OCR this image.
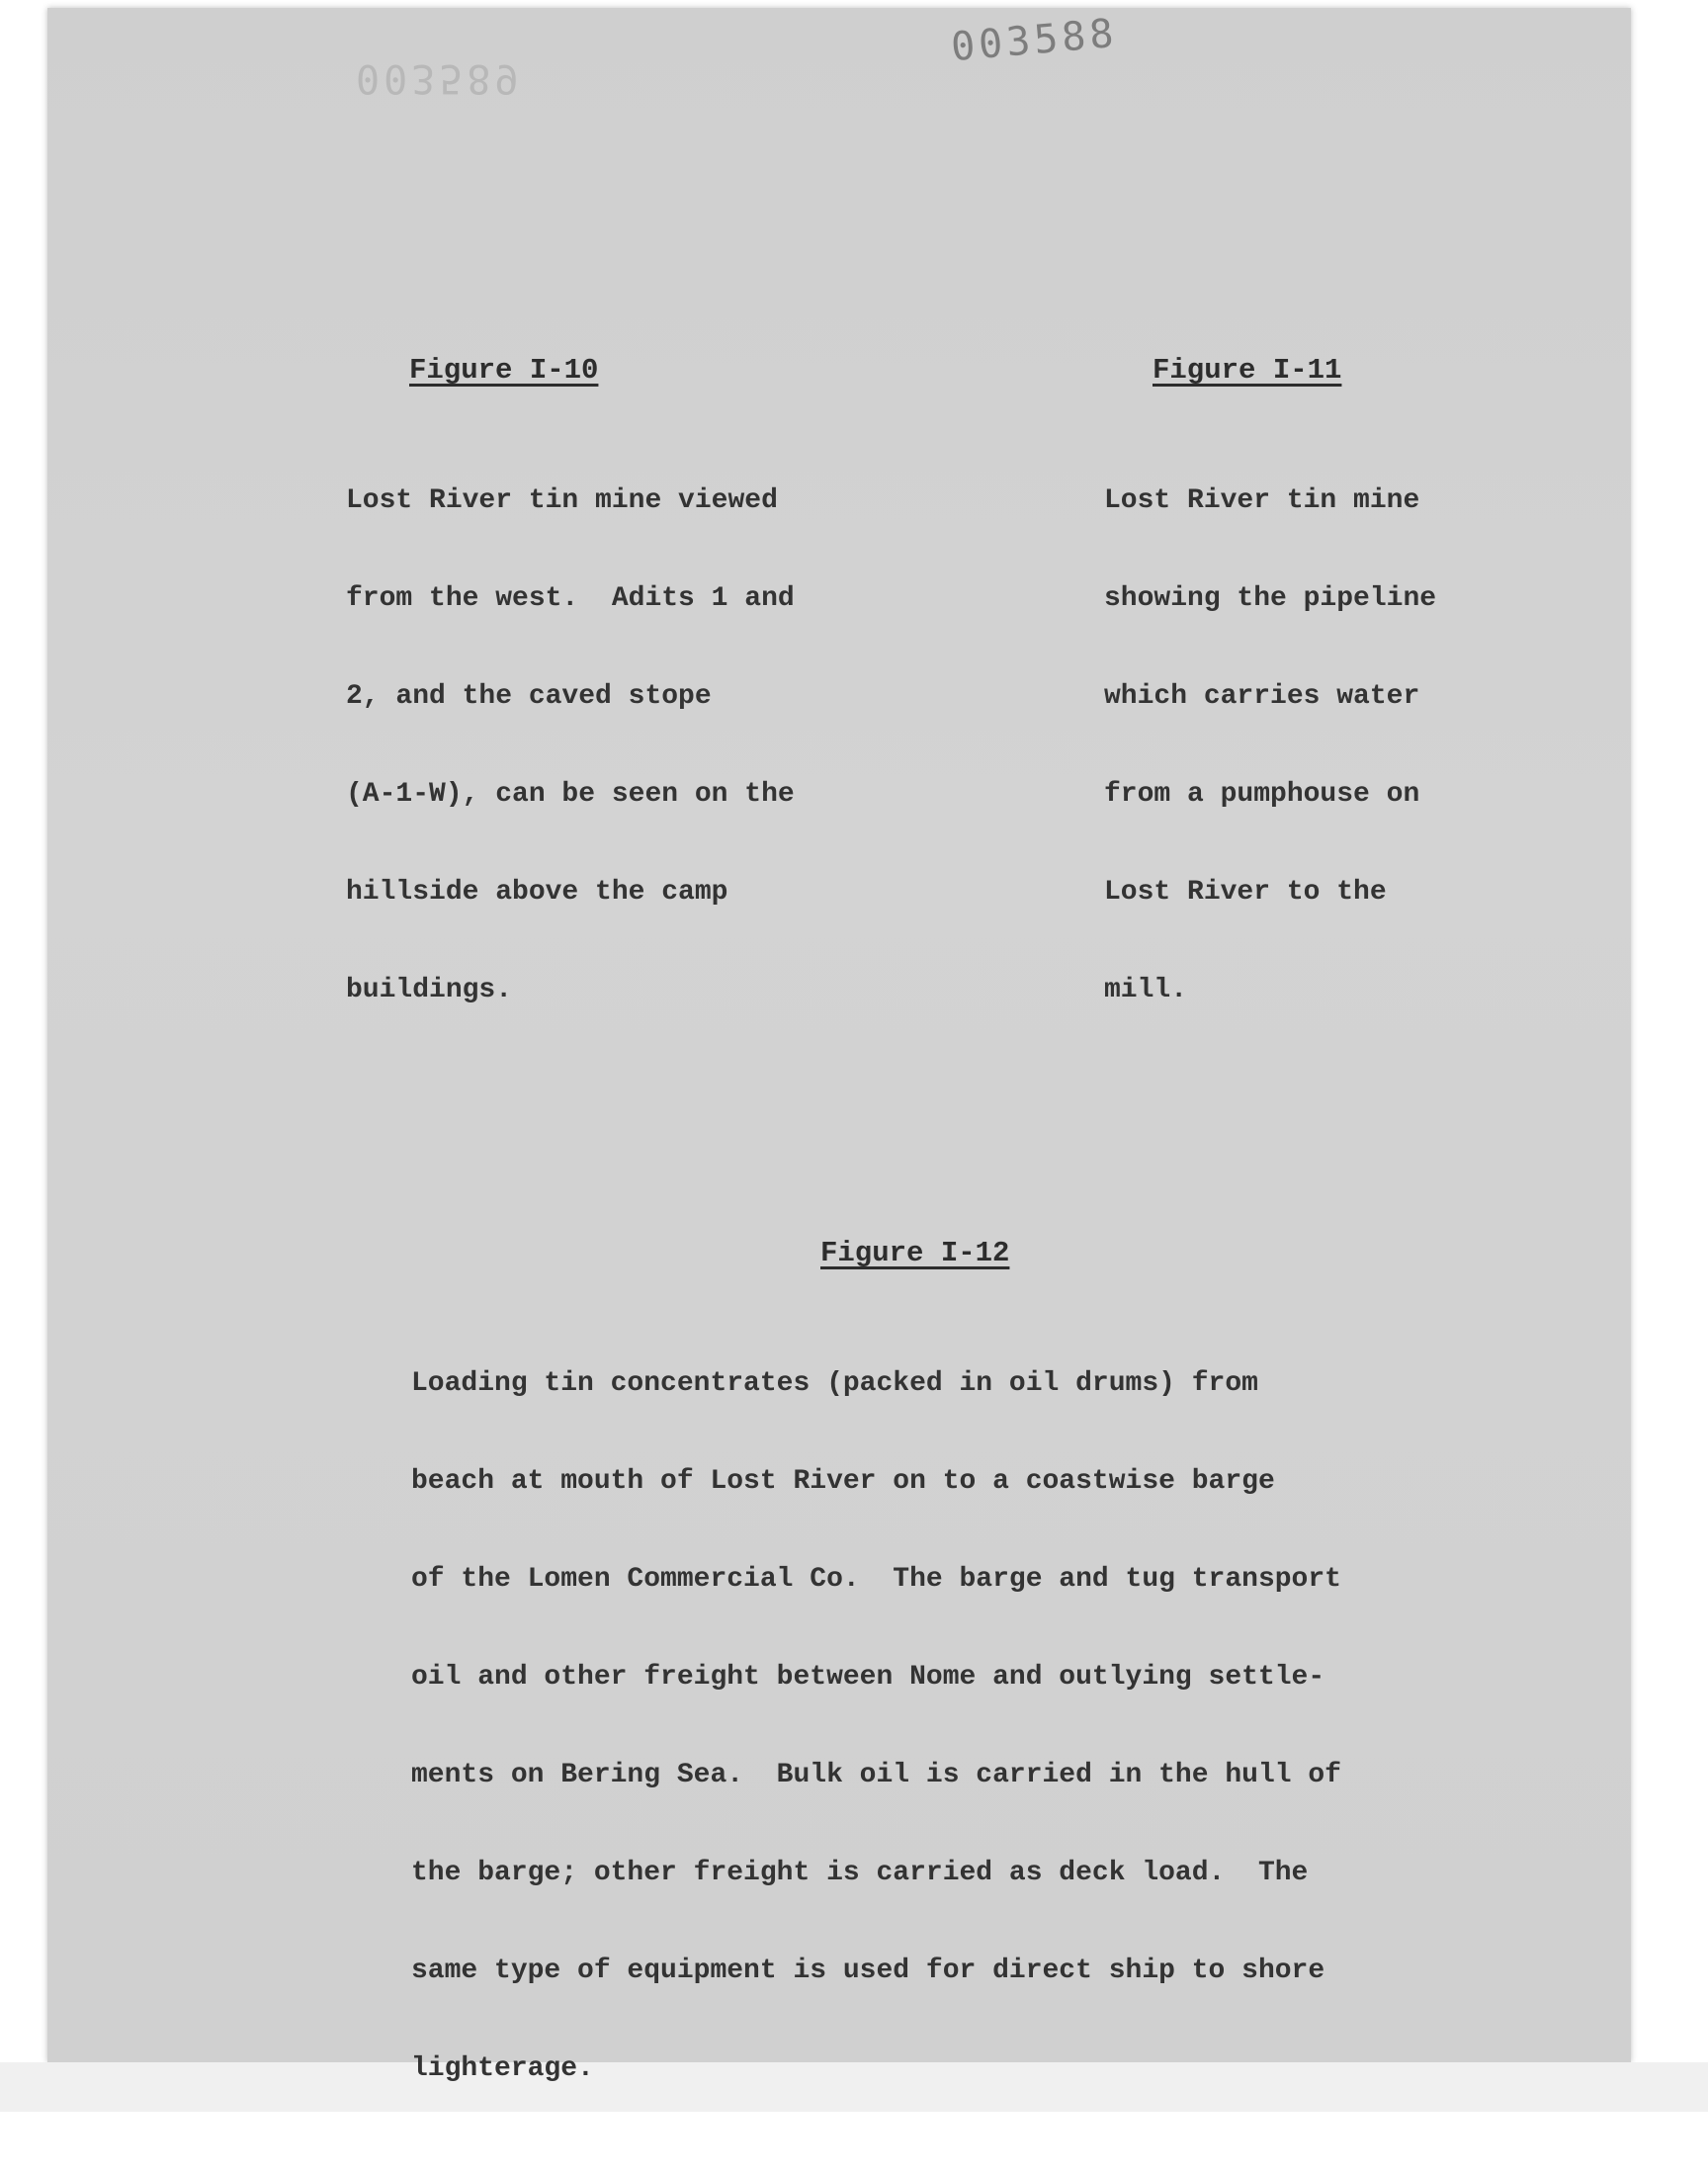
003588
003589
Figure I-10

Lost River tin mine viewed

from the west.  Adits 1 and

2, and the caved stope

(A-1-W), can be seen on the

hillside above the camp

buildings.

Figure I-11

Lost River tin mine

showing the pipeline

which carries water

from a pumphouse on

Lost River to the

mill.

Figure I-12

Loading tin concentrates (packed in oil drums) from

beach at mouth of Lost River on to a coastwise barge

of the Lomen Commercial Co.  The barge and tug transport

oil and other freight between Nome and outlying settle-

ments on Bering Sea.  Bulk oil is carried in the hull of

the barge; other freight is carried as deck load.  The

same type of equipment is used for direct ship to shore

lighterage.
